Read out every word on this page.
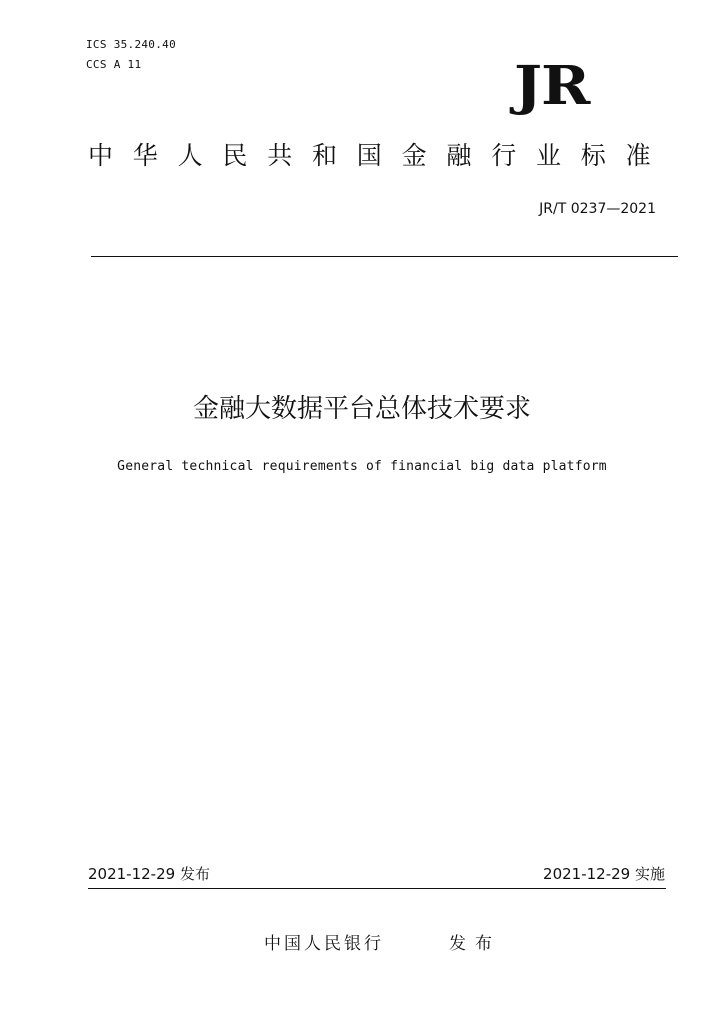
ICS 35.240.40
CCS A 11	JR
中华人民共和国金融行业标准
JR/T 0237—2021
金融大数据平台总体技术要求
General technical requirements of financial big data platform
2021-12-29 发布	2021-12-29 实施
中国人民银行	发布
